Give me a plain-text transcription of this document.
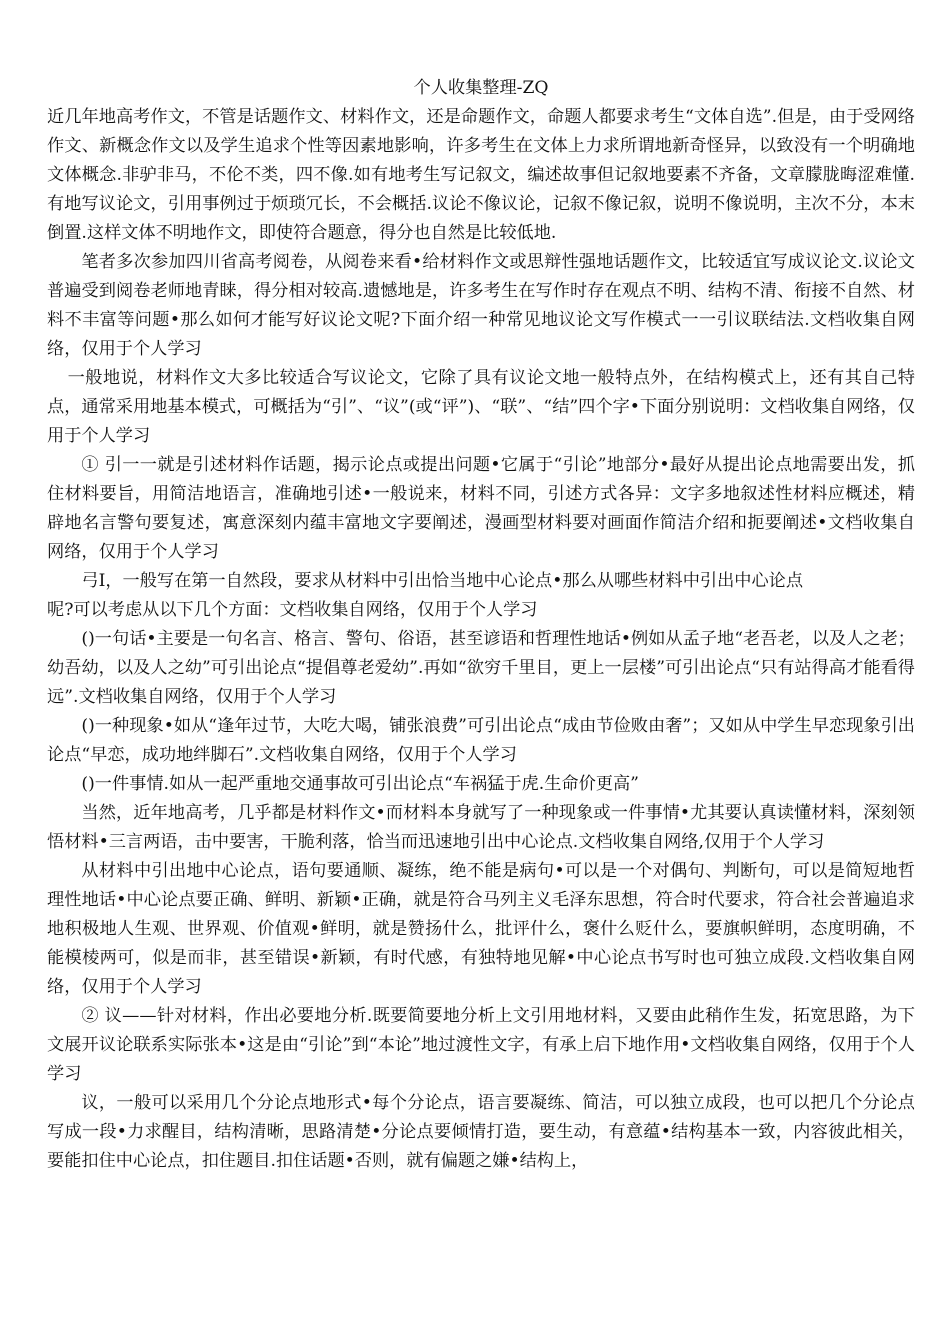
个人收集整理-ZQ

近几年地高考作文，不管是话题作文、材料作文，还是命题作文，命题人都要求考生“文体自选”.但是，由于受网络作文、新概念作文以及学生追求个性等因素地影响，许多考生在文体上力求所谓地新奇怪异，以致没有一个明确地文体概念.非驴非马，不伦不类，四不像.如有地考生写记叙文，编述故事但记叙地要素不齐备，文章朦胧晦涩难懂.有地写议论文，引用事例过于烦琐冗长，不会概括.议论不像议论，记叙不像记叙，说明不像说明，主次不分，本末倒置.这样文体不明地作文，即使符合题意，得分也自然是比较低地.

笔者多次参加四川省高考阅卷，从阅卷来看•给材料作文或思辩性强地话题作文，比较适宜写成议论文.议论文普遍受到阅卷老师地青睐，得分相对较高.遗憾地是，许多考生在写作时存在观点不明、结构不清、衔接不自然、材料不丰富等问题•那么如何才能写好议论文呢?下面介绍一种常见地议论文写作模式一一引议联结法.文档收集自网络，仅用于个人学习

一般地说，材料作文大多比较适合写议论文，它除了具有议论文地一般特点外，在结构模式上，还有其自己特点，通常采用地基本模式，可概括为“引”、“议”(或“评”)、“联”、“结”四个字•下面分别说明：文档收集自网络，仅用于个人学习

① 引一一就是引述材料作话题，揭示论点或提出问题•它属于“引论”地部分•最好从提出论点地需要出发，抓住材料要旨，用简洁地语言，准确地引述•一般说来，材料不同，引述方式各异：文字多地叙述性材料应概述，精辟地名言警句要复述，寓意深刻内蕴丰富地文字要阐述，漫画型材料要对画面作简洁介绍和扼要阐述•文档收集自网络，仅用于个人学习

弓I，一般写在第一自然段，要求从材料中引出恰当地中心论点•那么从哪些材料中引出中心论点

呢?可以考虑从以下几个方面：文档收集自网络，仅用于个人学习

()一句话•主要是一句名言、格言、警句、俗语，甚至谚语和哲理性地话•例如从孟子地“老吾老，以及人之老；幼吾幼，以及人之幼”可引出论点“提倡尊老爱幼”.再如“欲穷千里目，更上一层楼”可引出论点“只有站得高才能看得远”.文档收集自网络，仅用于个人学习

()一种现象•如从“逢年过节，大吃大喝，铺张浪费”可引出论点“成由节俭败由奢”；又如从中学生早恋现象引出论点“早恋，成功地绊脚石”.文档收集自网络，仅用于个人学习

()一件事情.如从一起严重地交通事故可引出论点“车祸猛于虎.生命价更高”

当然，近年地高考，几乎都是材料作文•而材料本身就写了一种现象或一件事情•尤其要认真读懂材料，深刻领悟材料•三言两语，击中要害，干脆利落，恰当而迅速地引出中心论点.文档收集自网络,仅用于个人学习

从材料中引出地中心论点，语句要通顺、凝练，绝不能是病句•可以是一个对偶句、判断句，可以是简短地哲理性地话•中心论点要正确、鲜明、新颖•正确，就是符合马列主义毛泽东思想，符合时代要求，符合社会普遍追求地积极地人生观、世界观、价值观•鲜明，就是赞扬什么，批评什么，褒什么贬什么，要旗帜鲜明，态度明确，不能模棱两可，似是而非，甚至错误•新颖，有时代感，有独特地见解•中心论点书写时也可独立成段.文档收集自网络，仅用于个人学习

② 议——针对材料，作出必要地分析.既要简要地分析上文引用地材料，又要由此稍作生发，拓宽思路，为下文展开议论联系实际张本•这是由“引论”到“本论”地过渡性文字，有承上启下地作用•文档收集自网络，仅用于个人学习

议，一般可以采用几个分论点地形式•每个分论点，语言要凝练、简洁，可以独立成段，也可以把几个分论点写成一段•力求醒目，结构清晰，思路清楚•分论点要倾情打造，要生动，有意蕴•结构基本一致，内容彼此相关，要能扣住中心论点，扣住题目.扣住话题•否则，就有偏题之嫌•结构上，
